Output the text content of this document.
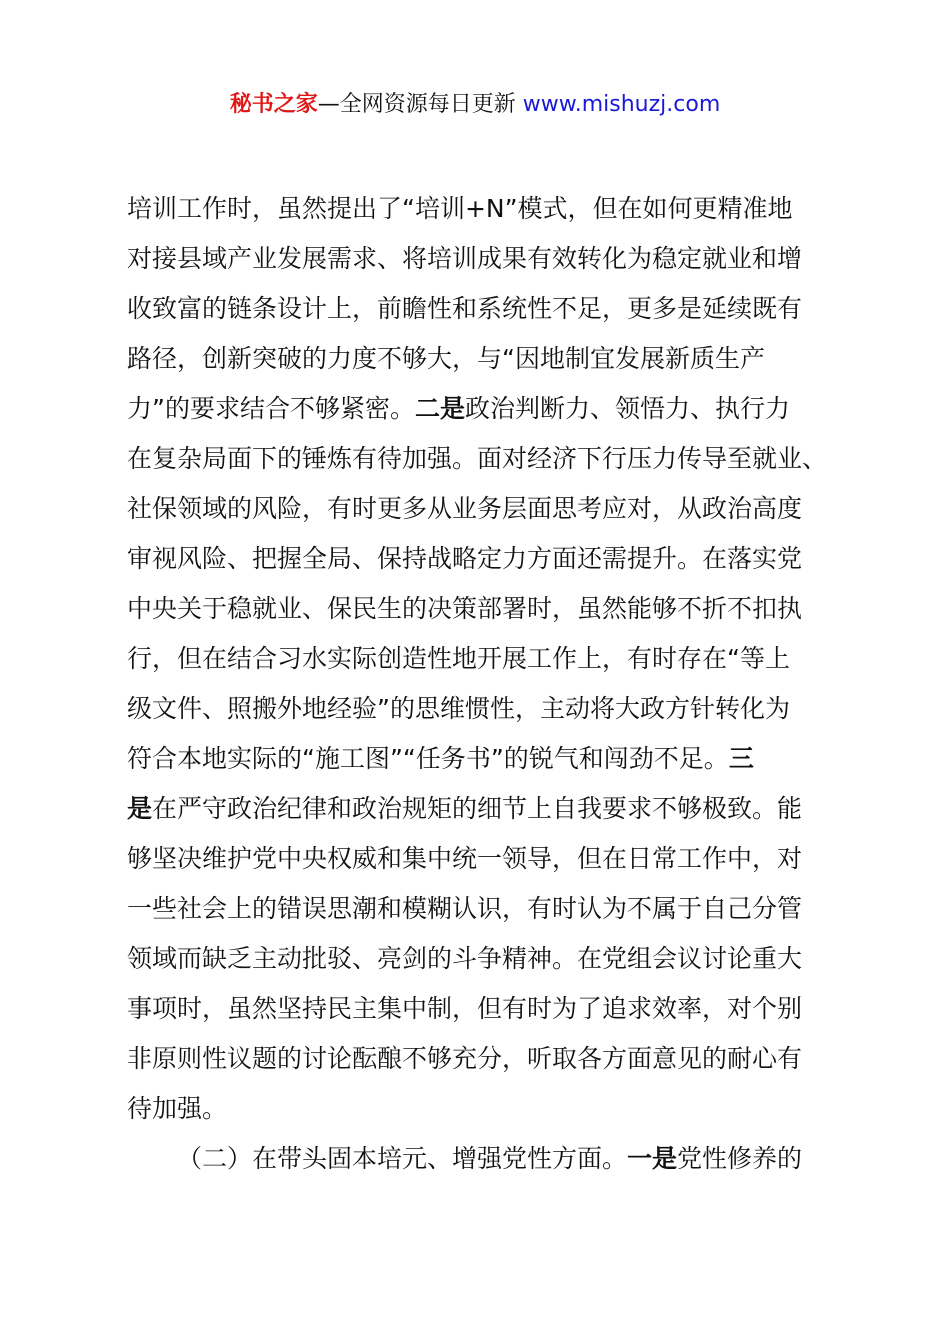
秘书之家—全网资源每日更新 www.mishuzj.com
培训工作时，虽然提出了“培训+N”模式，但在如何更精准地
对接县域产业发展需求、将培训成果有效转化为稳定就业和增
收致富的链条设计上，前瞻性和系统性不足，更多是延续既有
路径，创新突破的力度不够大，与“因地制宜发展新质生产
力”的要求结合不够紧密。二是政治判断力、领悟力、执行力
在复杂局面下的锤炼有待加强。面对经济下行压力传导至就业、
社保领域的风险，有时更多从业务层面思考应对，从政治高度
审视风险、把握全局、保持战略定力方面还需提升。在落实党
中央关于稳就业、保民生的决策部署时，虽然能够不折不扣执
行，但在结合习水实际创造性地开展工作上，有时存在“等上
级文件、照搬外地经验”的思维惯性，主动将大政方针转化为
符合本地实际的“施工图”“任务书”的锐气和闯劲不足。三
是在严守政治纪律和政治规矩的细节上自我要求不够极致。能
够坚决维护党中央权威和集中统一领导，但在日常工作中，对
一些社会上的错误思潮和模糊认识，有时认为不属于自己分管
领域而缺乏主动批驳、亮剑的斗争精神。在党组会议讨论重大
事项时，虽然坚持民主集中制，但有时为了追求效率，对个别
非原则性议题的讨论酝酿不够充分，听取各方面意见的耐心有
待加强。
（二）在带头固本培元、增强党性方面。一是党性修养的
